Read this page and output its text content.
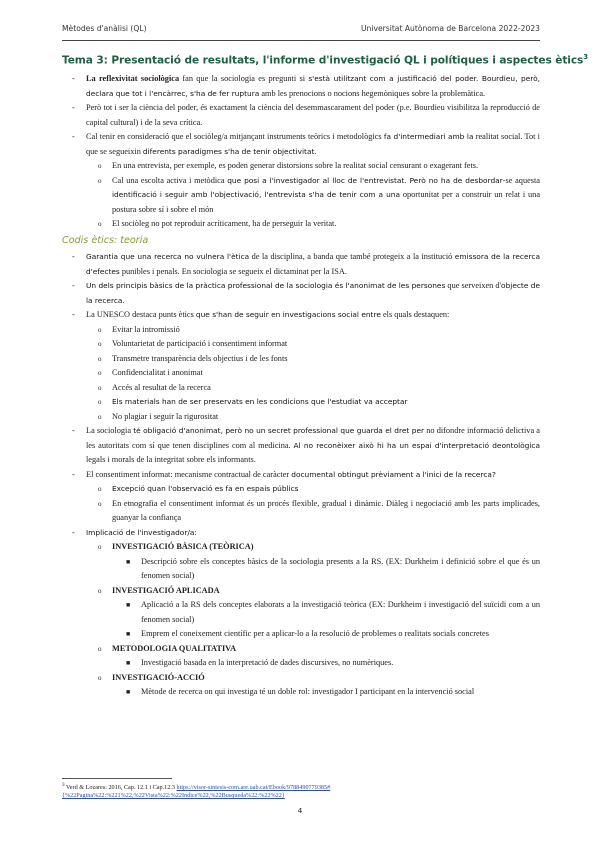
Mètodes d'anàlisi (QL)	Universitat Autònoma de Barcelona 2022-2023
Tema 3: Presentació de resultats, l'informe d'investigació QL i polítiques i aspectes ètics$^3$
- La reflexivitat sociològica fan que la sociologia es pregunti si s'està utilitzant com a justificació del poder. Bourdieu, però, declara que tot i l'encàrrec, s'ha de fer ruptura amb les prenocions o nocions hegemòniques sobre la problemàtica.
- Però tot i ser la ciència del poder, és exactament la ciència del desemmascarament del poder (p.e. Bourdieu visibilitza la reproducció de capital cultural) i de la seva crítica.
- Cal tenir en consideració que el sociòleg/a mitjançant instruments teòrics i metodològics fa d'intermediari amb la realitat social. Tot i que se segueixin diferents paradigmes s'ha de tenir objectivitat.
o En una entrevista, per exemple, es poden generar distorsions sobre la realitat social censurant o exagerant fets.
o Cal una escolta activa i metòdica que posi a l'investigador al lloc de l'entrevistat. Però no ha de desbordar-se aquesta identificació i seguir amb l'objectivació, l'entrevista s'ha de tenir com a una oportunitat per a construir un relat i una postura sobre sí i sobre el món
o El sociòleg no pot reproduir acríticament, ha de perseguir la veritat.
Codis ètics: teoria
- Garantia que una recerca no vulnera l'ètica de la disciplina, a banda que també protegeix a la institució emissora de la recerca d'efectes punibles i penals. En sociologia se segueix el dictaminat per la ISA.
- Un dels principis bàsics de la pràctica professional de la sociologia és l'anonimat de les persones que serveixen d'objecte de la recerca.
- La UNESCO destaca punts ètics que s'han de seguir en investigacions social entre els quals destaquen:
o Evitar la intromissió
o Voluntarietat de participació i consentiment informat
o Transmetre transparència dels objectius i de les fonts
o Confidencialitat i anonimat
o Accés al resultat de la recerca
o Els materials han de ser preservats en les condicions que l'estudiat va acceptar
o No plagiar i seguir la rigurositat
- La sociologia té obligació d'anonimat, però no un secret professional que guarda el dret per no difondre informació delictiva a les autoritats com sí que tenen disciplines com al medicina. Al no reconèixer això hi ha un espai d'interpretació deontològica legals i morals de la integritat sobre els informants.
- El consentiment informat: mecanisme contractual de caràcter documental obtingut prèviament a l'inici de la recerca?
o Excepció quan l'observació es fa en espais públics
o En etnografia el consentiment informat és un procés flexible, gradual i dinàmic. Diàleg i negociació amb les parts implicades, guanyar la confiança
- Implicació de l'investigador/a:
o INVESTIGACIÓ BÀSICA (TEÒRICA)
■ Descripció sobre els conceptes bàsics de la sociologia presents a la RS. (EX: Durkheim i definició sobre el que és un fenomen social)
o INVESTIGACIÓ APLICADA
■ Aplicació a la RS dels conceptes elaborats a la investigació teòrica (EX: Durkheim i investigació del suïcidi com a un fenomen social)
■ Emprem el coneixement científic per a aplicar-lo a la resolució de problemes o realitats socials concretes
o METODOLOGIA QUALITATIVA
■ Investigació basada en la interpretació de dades discursives, no numèriques.
o INVESTIGACIÓ-ACCIÓ
■ Mètode de recerca on qui investiga té un doble rol: investigador I participant en la intervenció social
$^3$ Verd & Lozares: 2016, Cap. 12.1 i Cap.12.3 https://visor-sintesis-com.are.uab.cat/Ebook/9788490779385#{%22Pagina%22:%221%22,%22Vista%22:%22Indice%22,%22Busqueda%22:%22%22}
4
